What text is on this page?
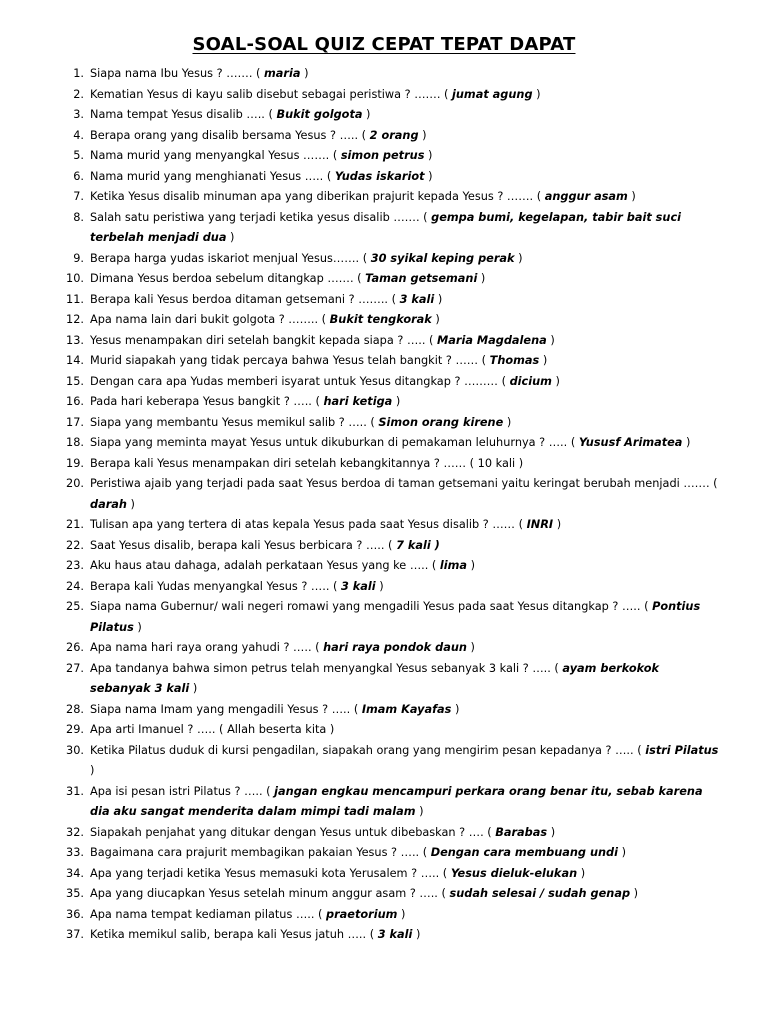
SOAL-SOAL QUIZ CEPAT TEPAT DAPAT
1. Siapa nama Ibu Yesus ? ……. ( maria )
2. Kematian Yesus di kayu salib disebut sebagai peristiwa ? ……. ( jumat agung )
3. Nama tempat Yesus disalib ….. ( Bukit golgota )
4. Berapa orang yang disalib bersama Yesus ? ….. ( 2 orang )
5. Nama murid yang menyangkal Yesus ……. ( simon petrus )
6. Nama murid yang menghianati Yesus ….. ( Yudas iskariot )
7. Ketika Yesus disalib minuman apa yang diberikan prajurit kepada Yesus ? ……. ( anggur asam )
8. Salah satu peristiwa yang terjadi ketika yesus disalib ……. ( gempa bumi, kegelapan, tabir bait suci terbelah menjadi dua )
9. Berapa harga yudas iskariot menjual Yesus……. ( 30 syikal keping perak )
10. Dimana Yesus berdoa sebelum ditangkap ……. ( Taman getsemani )
11. Berapa kali Yesus berdoa ditaman getsemani ? …….. ( 3 kali )
12. Apa nama lain dari bukit golgota ? …….. ( Bukit tengkorak )
13. Yesus menampakan diri setelah bangkit kepada siapa ? ….. ( Maria Magdalena )
14. Murid siapakah yang tidak percaya bahwa Yesus telah bangkit ? …… ( Thomas )
15. Dengan cara apa Yudas memberi isyarat untuk Yesus ditangkap ? ……… ( dicium )
16. Pada hari keberapa Yesus bangkit ? ….. ( hari ketiga )
17. Siapa yang membantu Yesus memikul salib ? ….. ( Simon orang kirene )
18. Siapa yang meminta mayat Yesus untuk dikuburkan di pemakaman leluhurnya ? ….. ( Yususf Arimatea )
19. Berapa kali Yesus menampakan diri setelah kebangkitannya ? …… ( 10 kali )
20. Peristiwa ajaib yang terjadi pada saat Yesus berdoa di taman getsemani yaitu keringat berubah menjadi ……. ( darah )
21. Tulisan apa yang tertera di atas kepala Yesus pada saat Yesus disalib ? …… ( INRI )
22. Saat Yesus disalib, berapa kali Yesus berbicara ? ….. ( 7 kali )
23. Aku haus atau dahaga, adalah perkataan Yesus yang ke ….. ( lima )
24. Berapa kali Yudas menyangkal Yesus ? ….. ( 3 kali )
25. Siapa nama Gubernur/ wali negeri romawi yang mengadili Yesus pada saat Yesus ditangkap ? ….. ( Pontius Pilatus )
26. Apa nama hari raya orang yahudi ? ….. ( hari raya pondok daun )
27. Apa tandanya bahwa simon petrus telah menyangkal Yesus sebanyak 3 kali ? ….. ( ayam berkokok sebanyak 3 kali )
28. Siapa nama Imam yang mengadili Yesus ? ….. ( Imam Kayafas )
29. Apa arti Imanuel ? ….. ( Allah beserta kita )
30. Ketika Pilatus duduk di kursi pengadilan, siapakah orang yang mengirim pesan kepadanya ? ….. ( istri Pilatus )
31. Apa isi pesan istri Pilatus ? ….. ( jangan engkau mencampuri perkara orang benar itu, sebab karena dia aku sangat menderita dalam mimpi tadi malam )
32. Siapakah penjahat yang ditukar dengan Yesus untuk dibebaskan ? …. ( Barabas )
33. Bagaimana cara prajurit membagikan pakaian Yesus ? ….. ( Dengan cara membuang undi )
34. Apa yang terjadi ketika Yesus memasuki kota Yerusalem ? ….. ( Yesus dieluk-elukan )
35. Apa yang diucapkan Yesus setelah minum anggur asam ? ….. ( sudah selesai / sudah genap )
36. Apa nama tempat kediaman pilatus ….. ( praetorium )
37. Ketika memikul salib, berapa kali Yesus jatuh ….. ( 3 kali )
